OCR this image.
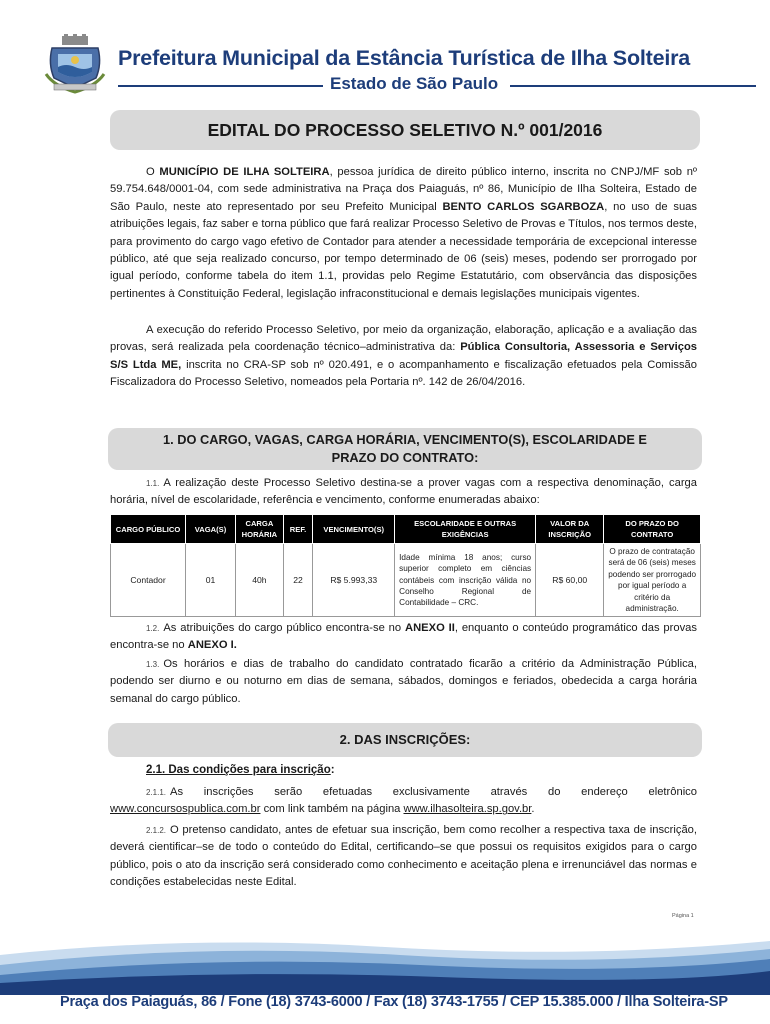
Prefeitura Municipal da Estância Turística de Ilha Solteira
Estado de São Paulo
EDITAL DO PROCESSO SELETIVO N.º 001/2016
O MUNICÍPIO DE ILHA SOLTEIRA, pessoa jurídica de direito público interno, inscrita no CNPJ/MF sob nº 59.754.648/0001-04, com sede administrativa na Praça dos Paiaguás, nº 86, Município de Ilha Solteira, Estado de São Paulo, neste ato representado por seu Prefeito Municipal BENTO CARLOS SGARBOZA, no uso de suas atribuições legais, faz saber e torna público que fará realizar Processo Seletivo de Provas e Títulos, nos termos deste, para provimento do cargo vago efetivo de Contador para atender a necessidade temporária de excepcional interesse público, até que seja realizado concurso, por tempo determinado de 06 (seis) meses, podendo ser prorrogado por igual período, conforme tabela do item 1.1, providas pelo Regime Estatutário, com observância das disposições pertinentes à Constituição Federal, legislação infraconstitucional e demais legislações municipais vigentes.
A execução do referido Processo Seletivo, por meio da organização, elaboração, aplicação e a avaliação das provas, será realizada pela coordenação técnico–administrativa da: Pública Consultoria, Assessoria e Serviços S/S Ltda ME, inscrita no CRA-SP sob nº 020.491, e o acompanhamento e fiscalização efetuados pela Comissão Fiscalizadora do Processo Seletivo, nomeados pela Portaria nº. 142 de 26/04/2016.
1. DO CARGO, VAGAS, CARGA HORÁRIA, VENCIMENTO(S), ESCOLARIDADE E
PRAZO DO CONTRATO:
1.1. A realização deste Processo Seletivo destina-se a prover vagas com a respectiva denominação, carga horária, nível de escolaridade, referência e vencimento, conforme enumeradas abaixo:
CARGO PÚBLICO	VAGA(S)	CARGA HORÁRIA	REF.	VENCIMENTO(S)	ESCOLARIDADE E OUTRAS EXIGÊNCIAS	VALOR DA INSCRIÇÃO	DO PRAZO DO CONTRATO
Contador	01	40h	22	R$ 5.993,33	Idade mínima 18 anos; curso superior completo em ciências contábeis com inscrição válida no Conselho Regional de Contabilidade – CRC.	R$ 60,00	O prazo de contratação será de 06 (seis) meses podendo ser prorrogado por igual período a critério da administração.
1.2. As atribuições do cargo público encontra-se no ANEXO II, enquanto o conteúdo programático das provas encontra-se no ANEXO I.
1.3. Os horários e dias de trabalho do candidato contratado ficarão a critério da Administração Pública, podendo ser diurno e ou noturno em dias de semana, sábados, domingos e feriados, obedecida a carga horária semanal do cargo público.
2. DAS INSCRIÇÕES:
2.1. Das condições para inscrição:
2.1.1. As inscrições serão efetuadas exclusivamente através do endereço eletrônico www.concursospublica.com.br com link também na página www.ilhasolteira.sp.gov.br.
2.1.2. O pretenso candidato, antes de efetuar sua inscrição, bem como recolher a respectiva taxa de inscrição, deverá cientificar–se de todo o conteúdo do Edital, certificando–se que possui os requisitos exigidos para o cargo público, pois o ato da inscrição será considerado como conhecimento e aceitação plena e irrenunciável das normas e condições estabelecidas neste Edital.
Página 1
Praça dos Paiaguás, 86 / Fone (18) 3743-6000 / Fax (18) 3743-1755 / CEP 15.385.000 / Ilha Solteira-SP
